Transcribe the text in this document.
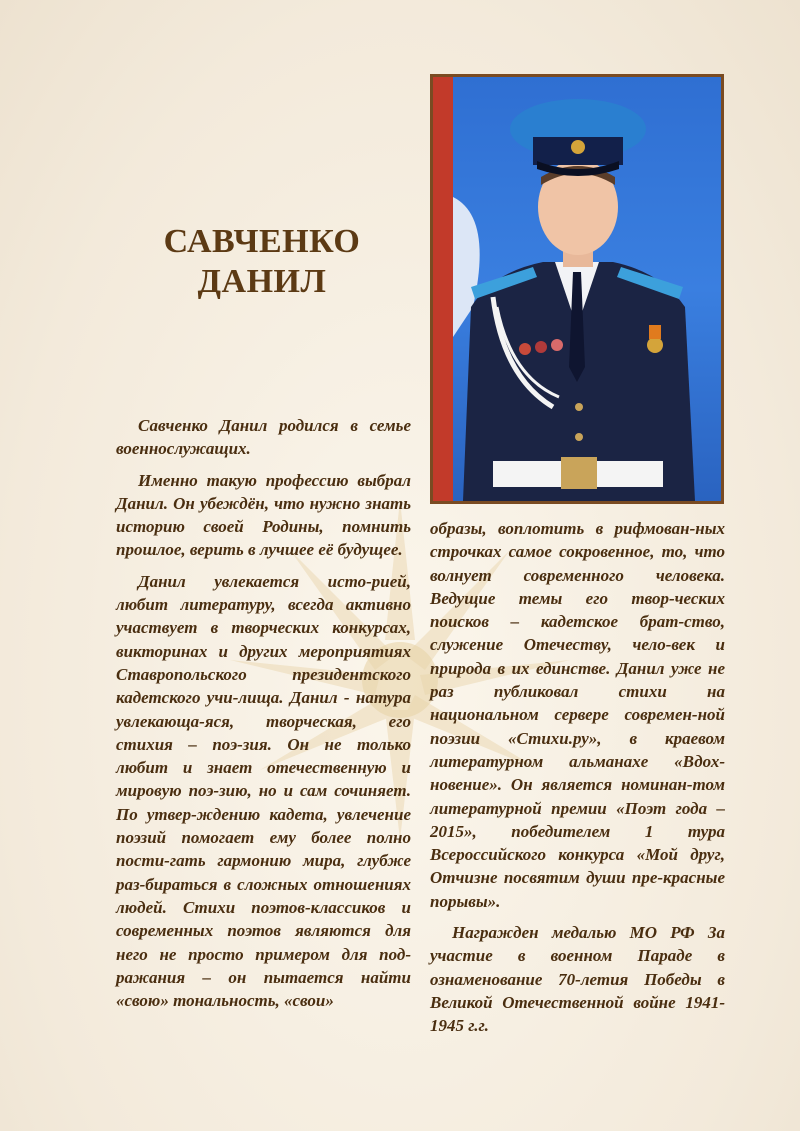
САВЧЕНКО
ДАНИЛ

Савченко Данил родился в семье военнослужащих.

Именно такую профессию выбрал Данил. Он убеждён, что нужно знать историю своей Родины, помнить прошлое, верить в лучшее её будущее.

Данил увлекается исто-рией, любит литературу, всегда активно участвует в творческих конкурсах, викторинах и других мероприятиях Ставропольского президентского кадетского учи-лища. Данил - натура увлекающа-яся, творческая, его стихия – поэ-зия. Он не только любит и знает отечественную и мировую поэ-зию, но и сам сочиняет. По утвер-ждению кадета, увлечение поэзий помогает ему более полно пости-гать гармонию мира, глубже раз-бираться в сложных отношениях людей. Стихи поэтов-классиков и современных поэтов являются для него не просто примером для под-ражания – он пытается найти «свою» тональность, «свои»

образы, воплотить в рифмован-ных строчках самое сокровенное, то, что волнует современного человека. Ведущие темы его твор-ческих поисков – кадетское брат-ство, служение Отечеству, чело-век и природа в их единстве. Данил уже не раз публиковал стихи на национальном сервере современ-ной поэзии «Стихи.ру», в краевом литературном альманахе «Вдох-новение». Он является номинан-том литературной премии «Поэт года – 2015», победителем 1 тура Всероссийского конкурса «Мой друг, Отчизне посвятим души пре-красные порывы».

Награжден медалью МО РФ За участие в военном Параде в ознаменование 70-летия Победы в Великой Отечественной войне 1941-1945 г.г.
